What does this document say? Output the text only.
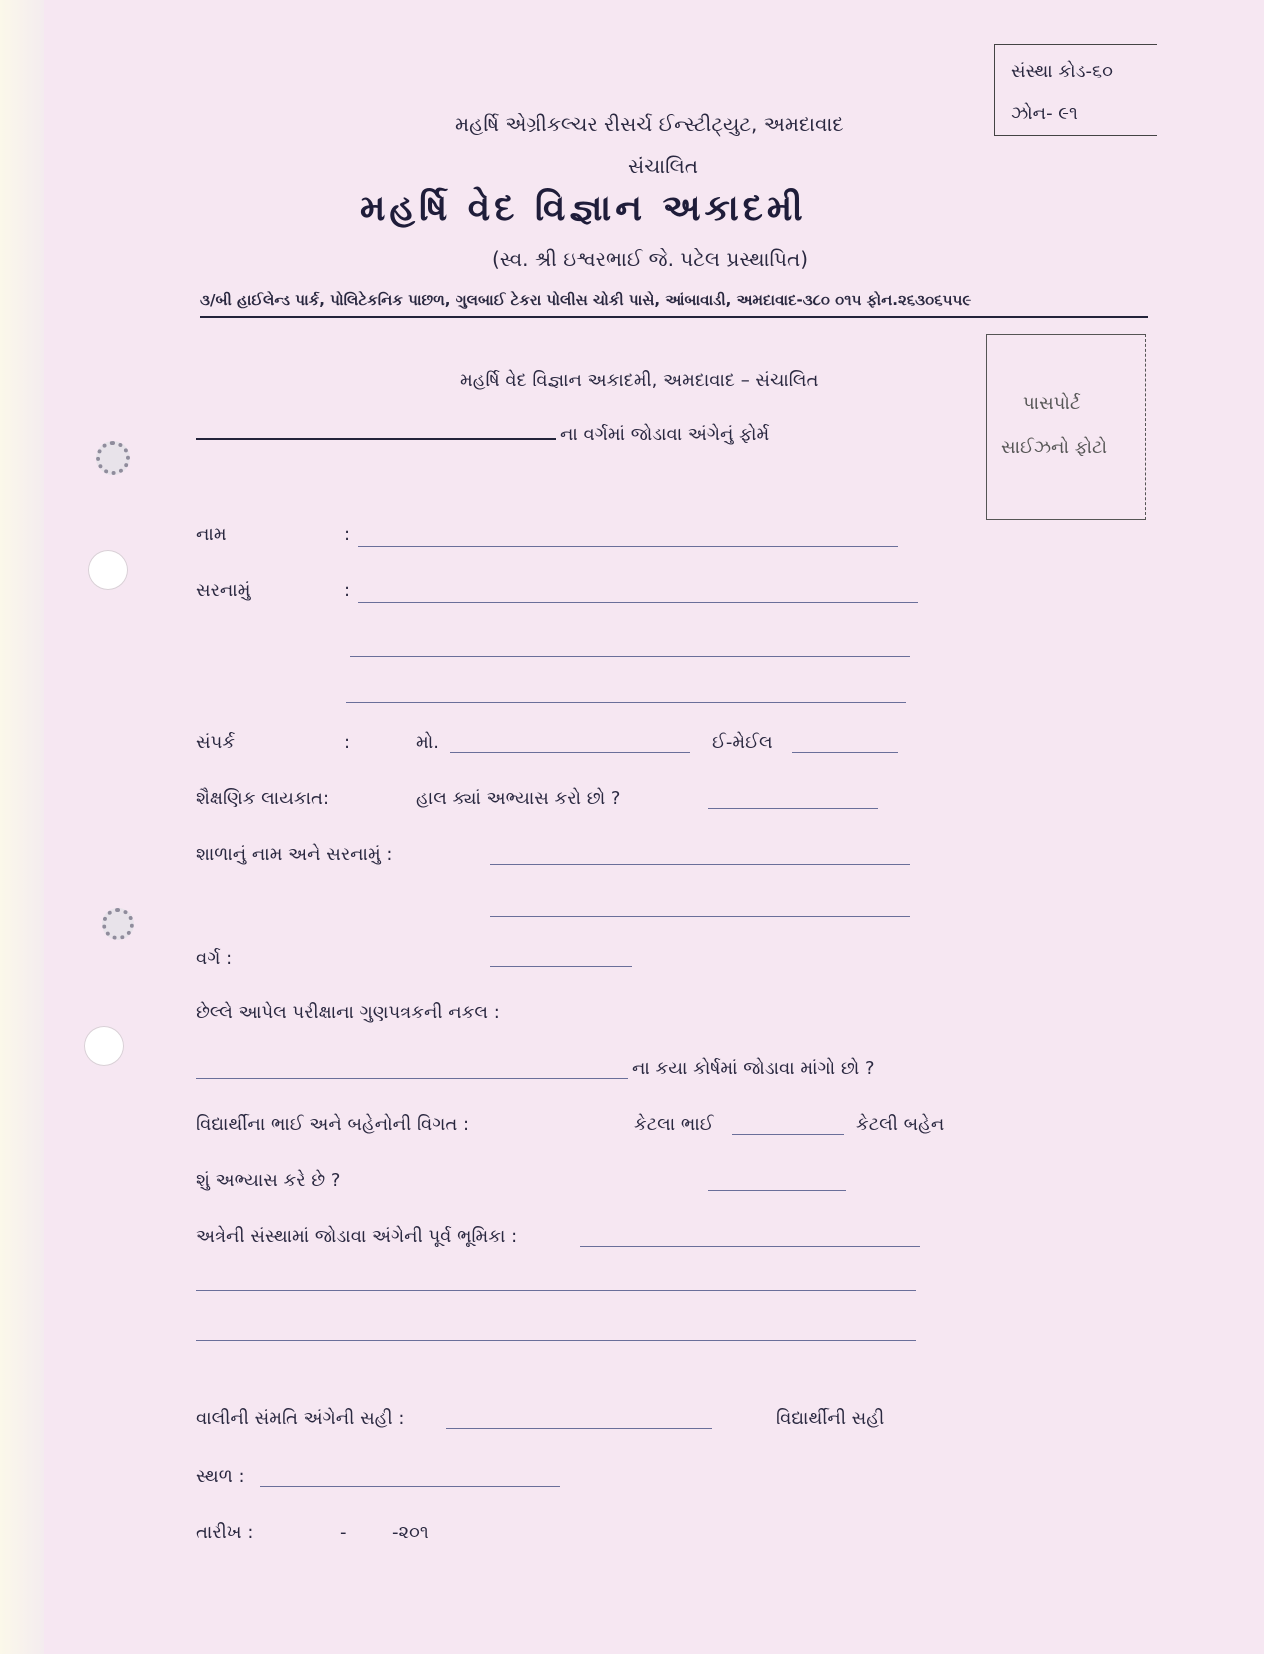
સંસ્થા કોડ-૬૦
ઝોન- ૯૧
મહર્ષિ એગ્રીકલ્ચર રીસર્ચ ઈન્સ્ટીટ્યુટ, અમદાવાદ
સંચાલિત
મહર્ષિ વેદ વિજ્ઞાન અકાદમી
(સ્વ. શ્રી ઇશ્વરભાઈ જે. પટેલ પ્રસ્થાપિત)
૩/બી હાઈલેન્ડ પાર્ક, પોલિટેકનિક પાછળ, ગુલબાઈ ટેકરા પોલીસ ચોકી પાસે, આંબાવાડી, અમદાવાદ-૩૮૦ ૦૧૫ ફોન.૨૬૩૦૬૫૫૯
પાસપોર્ટ
સાઈઝનો ફોટો
મહર્ષિ વેદ વિજ્ઞાન અકાદમી, અમદાવાદ – સંચાલિત
ના વર્ગમાં જોડાવા અંગેનું ફોર્મ
નામ	:
સરનામું	:
સંપર્ક	:	મો.	ઈ-મેઈલ
શૈક્ષણિક લાયકાત:	હાલ ક્યાં અભ્યાસ કરો છો ?
શાળાનું નામ અને સરનામું :
વર્ગ :
છેલ્લે આપેલ પરીક્ષાના ગુણપત્રકની નકલ :
ના કયા કોર્ષમાં જોડાવા માંગો છો ?
વિદ્યાર્થીના ભાઈ અને બહેનોની વિગત :	કેટલા ભાઈ	કેટલી બહેન
શું અભ્યાસ કરે છે ?
અત્રેની સંસ્થામાં જોડાવા અંગેની પૂર્વ ભૂમિકા :
વાલીની સંમતિ અંગેની સહી :	વિદ્યાર્થીની સહી
સ્થળ :
તારીખ :	-	-૨૦૧
